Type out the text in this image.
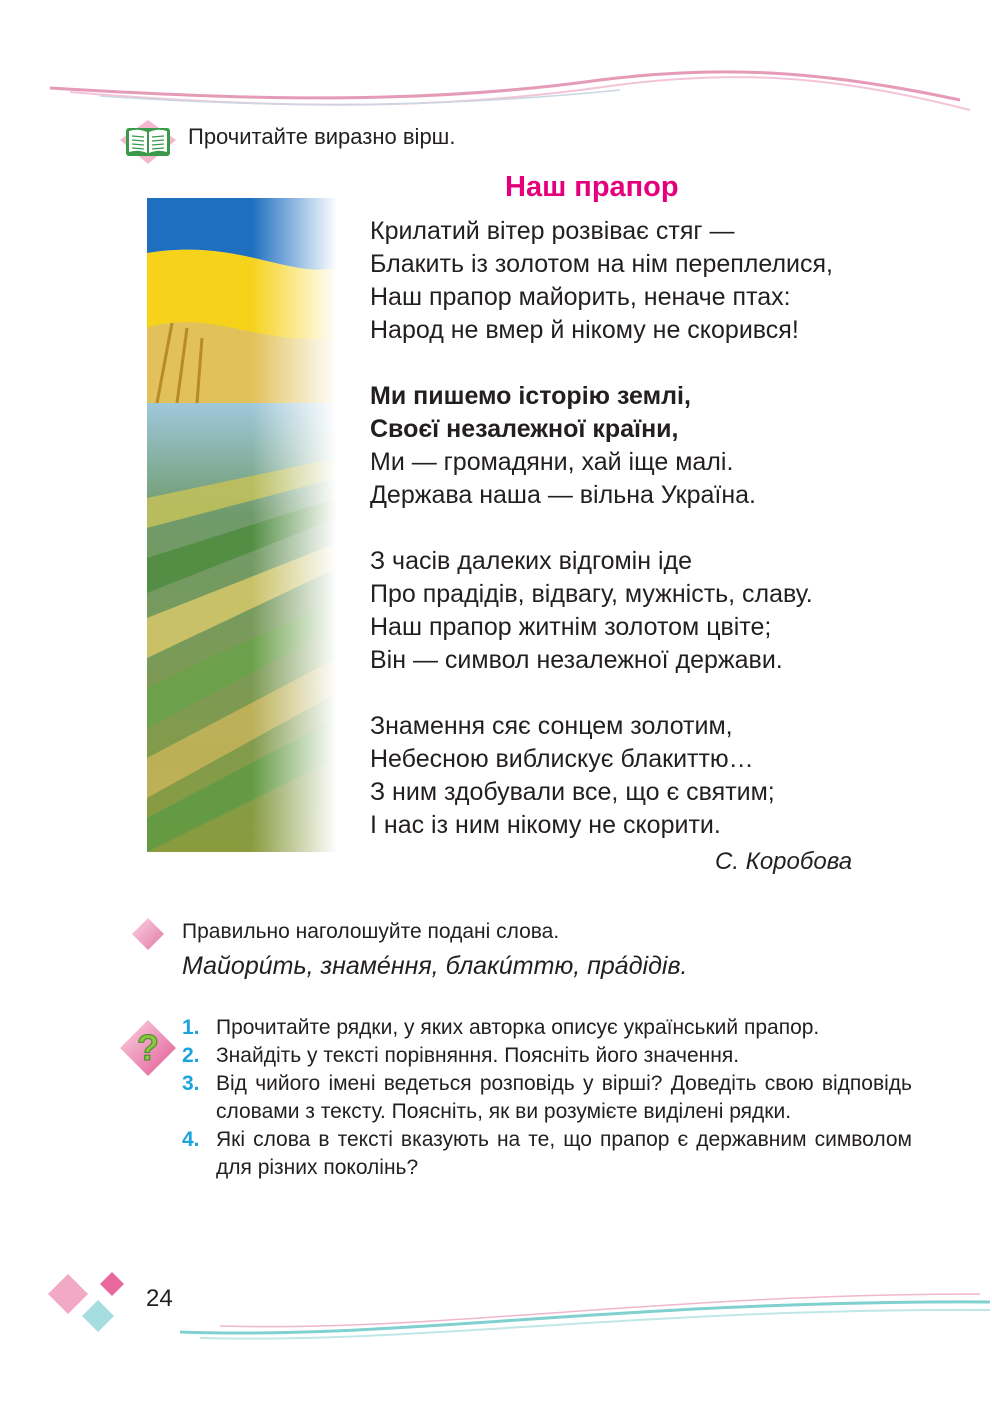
Прочитайте виразно вірш.
Наш прапор
Крилатий вітер розвіває стяг —
Блакить із золотом на нім переплелися,
Наш прапор майорить, неначе птах:
Народ не вмер й нікому не скорився!
Ми пишемо історію землі,
Своєї незалежної країни,
Ми — громадяни, хай іще малі.
Держава наша — вільна Україна.
З часів далеких відгомін іде
Про прадідів, відвагу, мужність, славу.
Наш прапор житнім золотом цвіте;
Він — символ незалежної держави.
Знамення сяє сонцем золотим,
Небесною виблискує блакиттю…
З ним здобували все, що є святим;
І нас із ним нікому не скорити.
С. Коробова
Правильно наголошуйте подані слова.
Майори́ть, знаме́ння, блаки́ттю, пра́дідів.
? 1. Прочитайте рядки, у яких авторка описує український прапор.
2. Знайдіть у тексті порівняння. Поясніть його значення.
3. Від чийого імені ведеться розповідь у вірші? Доведіть свою відповідь словами з тексту. Поясніть, як ви розумієте виділені рядки.
4. Які слова в тексті вказують на те, що прапор є державним символом для різних поколінь?
24
